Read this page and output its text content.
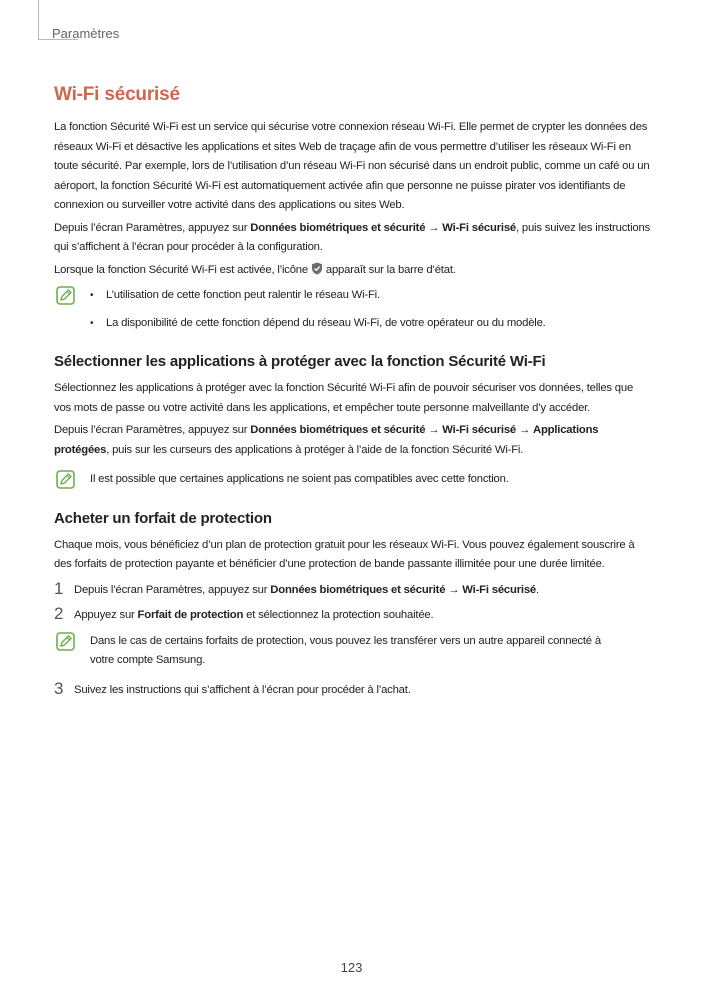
Paramètres
Wi-Fi sécurisé

La fonction Sécurité Wi-Fi est un service qui sécurise votre connexion réseau Wi-Fi. Elle permet de crypter les données des réseaux Wi-Fi et désactive les applications et sites Web de traçage afin de vous permettre d’utiliser les réseaux Wi-Fi en toute sécurité. Par exemple, lors de l’utilisation d’un réseau Wi-Fi non sécurisé dans un endroit public, comme un café ou un aéroport, la fonction Sécurité Wi-Fi est automatiquement activée afin que personne ne puisse pirater vos identifiants de connexion ou surveiller votre activité dans des applications ou sites Web.

Depuis l’écran Paramètres, appuyez sur Données biométriques et sécurité → Wi-Fi sécurisé, puis suivez les instructions qui s’affichent à l’écran pour procéder à la configuration.

Lorsque la fonction Sécurité Wi-Fi est activée, l’icône  apparaît sur la barre d’état.

• L’utilisation de cette fonction peut ralentir le réseau Wi-Fi.
• La disponibilité de cette fonction dépend du réseau Wi-Fi, de votre opérateur ou du modèle.
Sélectionner les applications à protéger avec la fonction Sécurité Wi-Fi

Sélectionnez les applications à protéger avec la fonction Sécurité Wi-Fi afin de pouvoir sécuriser vos données, telles que vos mots de passe ou votre activité dans les applications, et empêcher toute personne malveillante d’y accéder.

Depuis l’écran Paramètres, appuyez sur Données biométriques et sécurité → Wi-Fi sécurisé → Applications protégées, puis sur les curseurs des applications à protéger à l’aide de la fonction Sécurité Wi-Fi.

Il est possible que certaines applications ne soient pas compatibles avec cette fonction.
Acheter un forfait de protection

Chaque mois, vous bénéficiez d’un plan de protection gratuit pour les réseaux Wi-Fi. Vous pouvez également souscrire à des forfaits de protection payante et bénéficier d’une protection de bande passante illimitée pour une durée limitée.

1 Depuis l’écran Paramètres, appuyez sur Données biométriques et sécurité → Wi-Fi sécurisé.
2 Appuyez sur Forfait de protection et sélectionnez la protection souhaitée.
Dans le cas de certains forfaits de protection, vous pouvez les transférer vers un autre appareil connecté à votre compte Samsung.
3 Suivez les instructions qui s’affichent à l’écran pour procéder à l’achat.
123
